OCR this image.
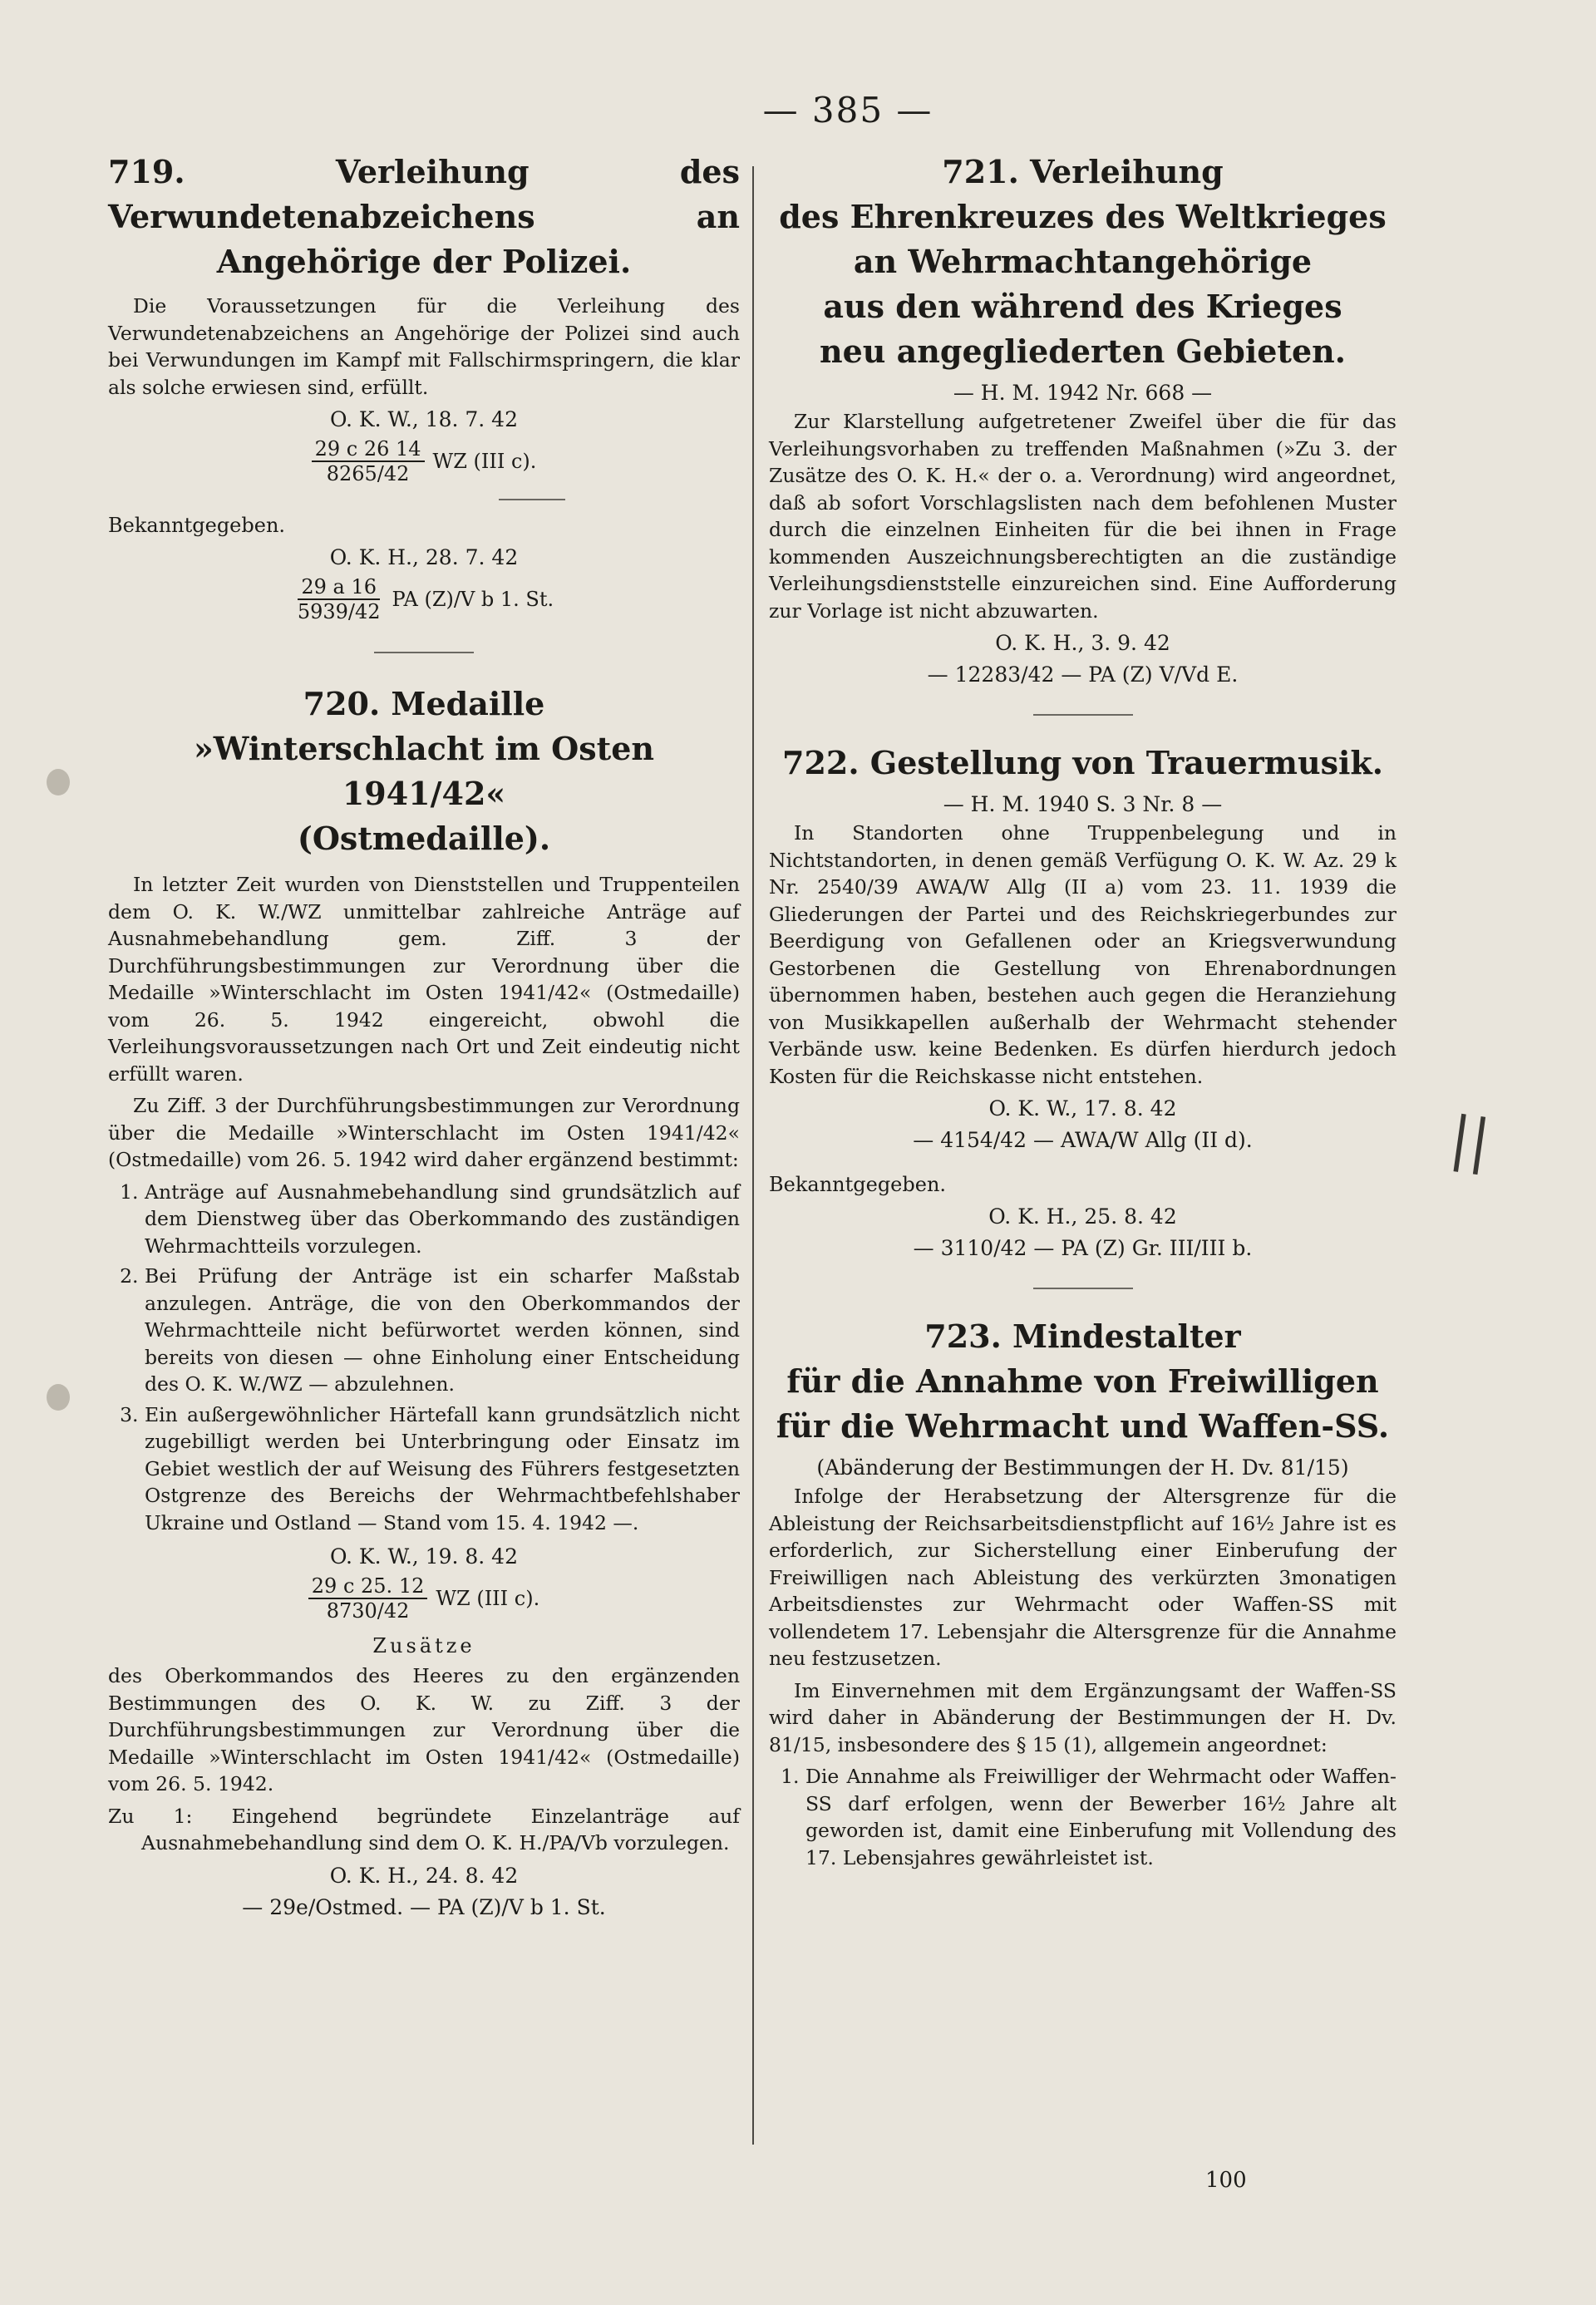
— 385 —
719. Verleihung des Verwundetenabzeichens an Angehörige der Polizei.

Die Voraussetzungen für die Verleihung des Verwundetenabzeichens an Angehörige der Polizei sind auch bei Verwundungen im Kampf mit Fallschirmspringern, die klar als solche erwiesen sind, erfüllt.

O. K. W., 18. 7. 42
$\frac{29 c 26 14}{8265/42}$ WZ (III c).
Bekanntgegeben.
O. K. H., 28. 7. 42
$\frac{29 a 16}{5939/42}$ PA (Z)/V b 1. St.
720. Medaille
»Winterschlacht im Osten 1941/42«
(Ostmedaille).

In letzter Zeit wurden von Dienststellen und Truppenteilen dem O. K. W./WZ unmittelbar zahlreiche Anträge auf Ausnahmebehandlung gem. Ziff. 3 der Durchführungsbestimmungen zur Verordnung über die Medaille »Winterschlacht im Osten 1941/42« (Ostmedaille) vom 26. 5. 1942 eingereicht, obwohl die Verleihungsvoraussetzungen nach Ort und Zeit eindeutig nicht erfüllt waren.

Zu Ziff. 3 der Durchführungsbestimmungen zur Verordnung über die Medaille »Winterschlacht im Osten 1941/42« (Ostmedaille) vom 26. 5. 1942 wird daher ergänzend bestimmt:

1. Anträge auf Ausnahmebehandlung sind grundsätzlich auf dem Dienstweg über das Oberkommando des zuständigen Wehrmachtteils vorzulegen.
2. Bei Prüfung der Anträge ist ein scharfer Maßstab anzulegen. Anträge, die von den Oberkommandos der Wehrmachtteile nicht befürwortet werden können, sind bereits von diesen — ohne Einholung einer Entscheidung des O. K. W./WZ — abzulehnen.
3. Ein außergewöhnlicher Härtefall kann grundsätzlich nicht zugebilligt werden bei Unterbringung oder Einsatz im Gebiet westlich der auf Weisung des Führers festgesetzten Ostgrenze des Bereichs der Wehrmachtbefehlshaber Ukraine und Ostland — Stand vom 15. 4. 1942 —.
O. K. W., 19. 8. 42
$\frac{29 c 25. 12}{8730/42}$ WZ (III c).
Zusätze

des Oberkommandos des Heeres zu den ergänzenden Bestimmungen des O. K. W. zu Ziff. 3 der Durchführungsbestimmungen zur Verordnung über die Medaille »Winterschlacht im Osten 1941/42« (Ostmedaille) vom 26. 5. 1942.

Zu 1: Eingehend begründete Einzelanträge auf Ausnahmebehandlung sind dem O. K. H./PA/Vb vorzulegen.

O. K. H., 24. 8. 42
— 29e/Ostmed. — PA (Z)/V b 1. St.
721. Verleihung
des Ehrenkreuzes des Weltkrieges
an Wehrmachtangehörige
aus den während des Krieges
neu angegliederten Gebieten.
— H. M. 1942 Nr. 668 —

Zur Klarstellung aufgetretener Zweifel über die für das Verleihungsvorhaben zu treffenden Maßnahmen (»Zu 3. der Zusätze des O. K. H.« der o. a. Verordnung) wird angeordnet, daß ab sofort Vorschlagslisten nach dem befohlenen Muster durch die einzelnen Einheiten für die bei ihnen in Frage kommenden Auszeichnungsberechtigten an die zuständige Verleihungsdienststelle einzureichen sind. Eine Aufforderung zur Vorlage ist nicht abzuwarten.

O. K. H., 3. 9. 42
— 12283/42 — PA (Z) V/Vd E.
722. Gestellung von Trauermusik.
— H. M. 1940 S. 3 Nr. 8 —

In Standorten ohne Truppenbelegung und in Nichtstandorten, in denen gemäß Verfügung O. K. W. Az. 29 k Nr. 2540/39 AWA/W Allg (II a) vom 23. 11. 1939 die Gliederungen der Partei und des Reichskriegerbundes zur Beerdigung von Gefallenen oder an Kriegsverwundung Gestorbenen die Gestellung von Ehrenabordnungen übernommen haben, bestehen auch gegen die Heranziehung von Musikkapellen außerhalb der Wehrmacht stehender Verbände usw. keine Bedenken. Es dürfen hierdurch jedoch Kosten für die Reichskasse nicht entstehen.

O. K. W., 17. 8. 42
— 4154/42 — AWA/W Allg (II d).
Bekanntgegeben.
O. K. H., 25. 8. 42
— 3110/42 — PA (Z) Gr. III/III b.
723. Mindestalter
für die Annahme von Freiwilligen
für die Wehrmacht und Waffen-SS.
(Abänderung der Bestimmungen der H. Dv. 81/15)

Infolge der Herabsetzung der Altersgrenze für die Ableistung der Reichsarbeitsdienstpflicht auf 16½ Jahre ist es erforderlich, zur Sicherstellung einer Einberufung der Freiwilligen nach Ableistung des verkürzten 3monatigen Arbeitsdienstes zur Wehrmacht oder Waffen-SS mit vollendetem 17. Lebensjahr die Altersgrenze für die Annahme neu festzusetzen.

Im Einvernehmen mit dem Ergänzungsamt der Waffen-SS wird daher in Abänderung der Bestimmungen der H. Dv. 81/15, insbesondere des § 15 (1), allgemein angeordnet:

1. Die Annahme als Freiwilliger der Wehrmacht oder Waffen-SS darf erfolgen, wenn der Bewerber 16½ Jahre alt geworden ist, damit eine Einberufung mit Vollendung des 17. Lebensjahres gewährleistet ist.
||
100
